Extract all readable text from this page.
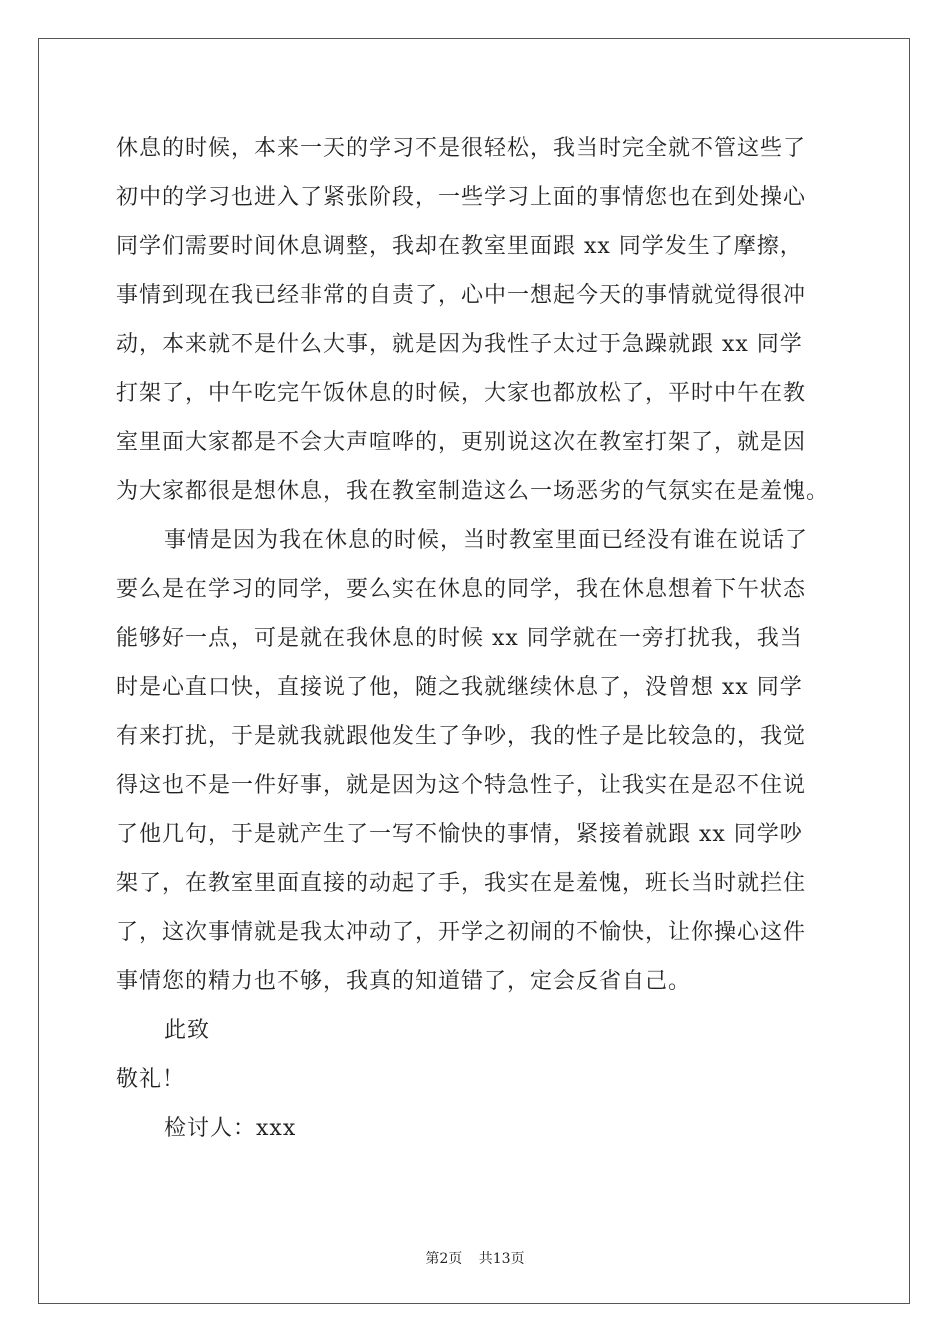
休息的时候，本来一天的学习不是很轻松，我当时完全就不管这些了
初中的学习也进入了紧张阶段，一些学习上面的事情您也在到处操心
同学们需要时间休息调整，我却在教室里面跟 xx 同学发生了摩擦，
事情到现在我已经非常的自责了，心中一想起今天的事情就觉得很冲
动，本来就不是什么大事，就是因为我性子太过于急躁就跟 xx 同学
打架了，中午吃完午饭休息的时候，大家也都放松了，平时中午在教
室里面大家都是不会大声喧哗的，更别说这次在教室打架了，就是因
为大家都很是想休息，我在教室制造这么一场恶劣的气氛实在是羞愧。
事情是因为我在休息的时候，当时教室里面已经没有谁在说话了
要么是在学习的同学，要么实在休息的同学，我在休息想着下午状态
能够好一点，可是就在我休息的时候 xx 同学就在一旁打扰我，我当
时是心直口快，直接说了他，随之我就继续休息了，没曾想 xx 同学
有来打扰，于是就我就跟他发生了争吵，我的性子是比较急的，我觉
得这也不是一件好事，就是因为这个特急性子，让我实在是忍不住说
了他几句，于是就产生了一写不愉快的事情，紧接着就跟 xx 同学吵
架了，在教室里面直接的动起了手，我实在是羞愧，班长当时就拦住
了，这次事情就是我太冲动了，开学之初闹的不愉快，让你操心这件
事情您的精力也不够，我真的知道错了，定会反省自己。
此致
敬礼！
检讨人：xxx
第2页 共13页
